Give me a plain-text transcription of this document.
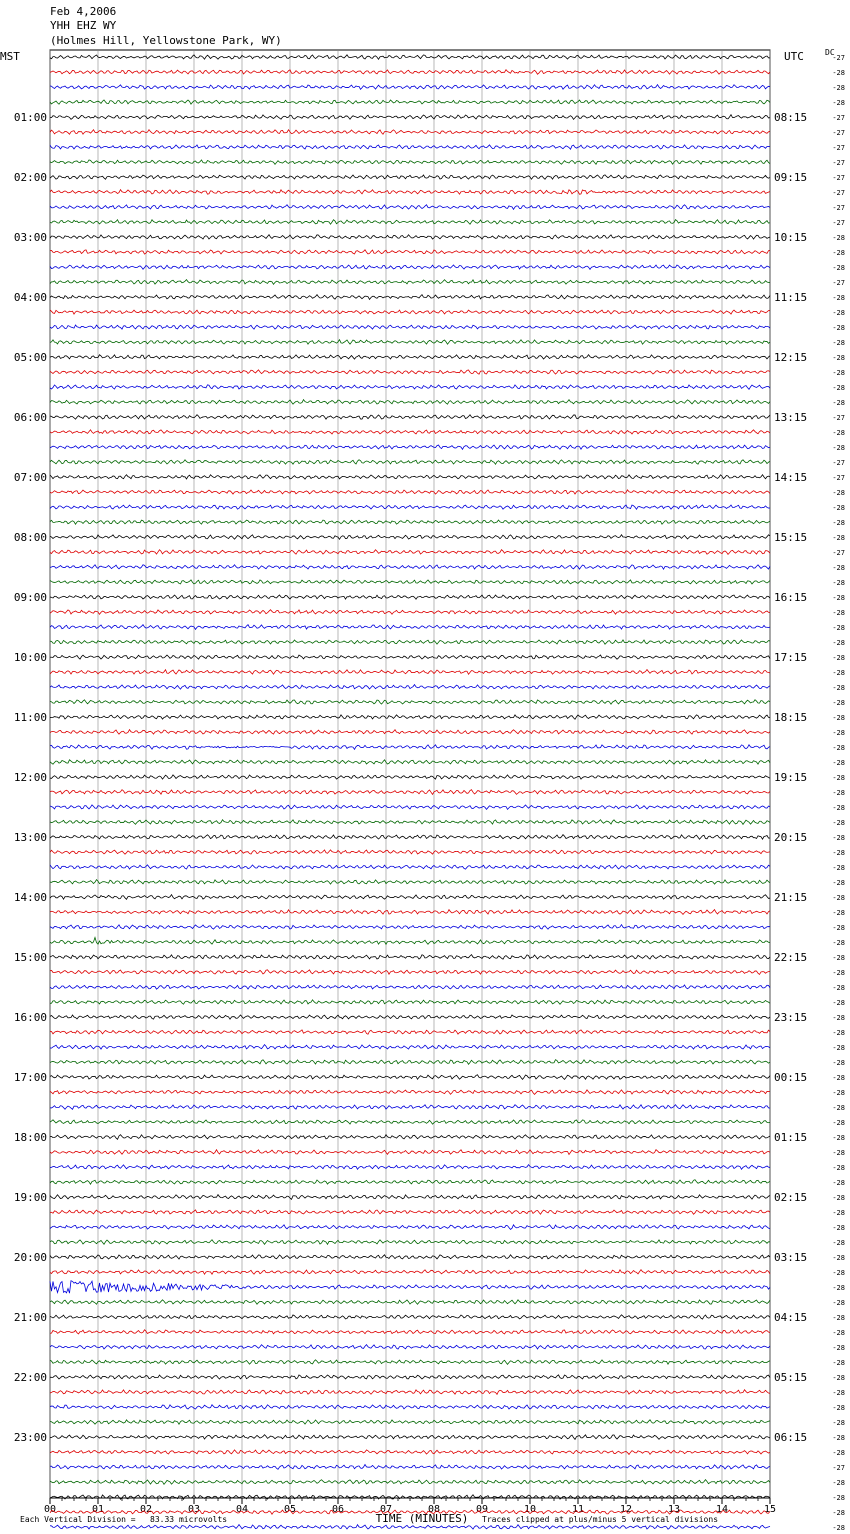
00	01	02	03	04	05	06	07	08	09	10	11	12	13	14	15
TIME (MINUTES)
-27
-28
-28
-28
-27
01:00	08:15
-27
-27
-27
-27
02:00	09:15
-27
-27
-27
-28
03:00	10:15
-28
-28
-27
-28
04:00	11:15
-28
-28
-28
-28
05:00	12:15
-28
-28
-28
-27
06:00	13:15
-28
-28
-27
-27
07:00	14:15
-28
-28
-28
-28
08:00	15:15
-27
-28
-28
-28
09:00	16:15
-28
-28
-28
-28
10:00	17:15
-28
-28
-28
-28
11:00	18:15
-28
-28
-28
-28
12:00	19:15
-28
-28
-28
-28
13:00	20:15
-28
-28
-28
-28
14:00	21:15
-28
-28
-28
-28
15:00	22:15
-28
-28
-28
-28
16:00	23:15
-28
-28
-28
-28
17:00	00:15
-28
-28
-28
-28
18:00	01:15
-28
-28
-28
-28
19:00	02:15
-28
-28
-28
-28
20:00	03:15
-28
-28
-28
-28
21:00	04:15
-28
-28
-28
-28
22:00	05:15
-28
-28
-28
-28
23:00	06:15
-28
-27
-28
-28
-28
-28
Feb 4,2006
YHH EHZ WY
(Holmes Hill, Yellowstone Park, WY)
MST	UTC	DC
Each Vertical Division =   83.33 microvolts	Traces clipped at plus/minus 5 vertical divisions
